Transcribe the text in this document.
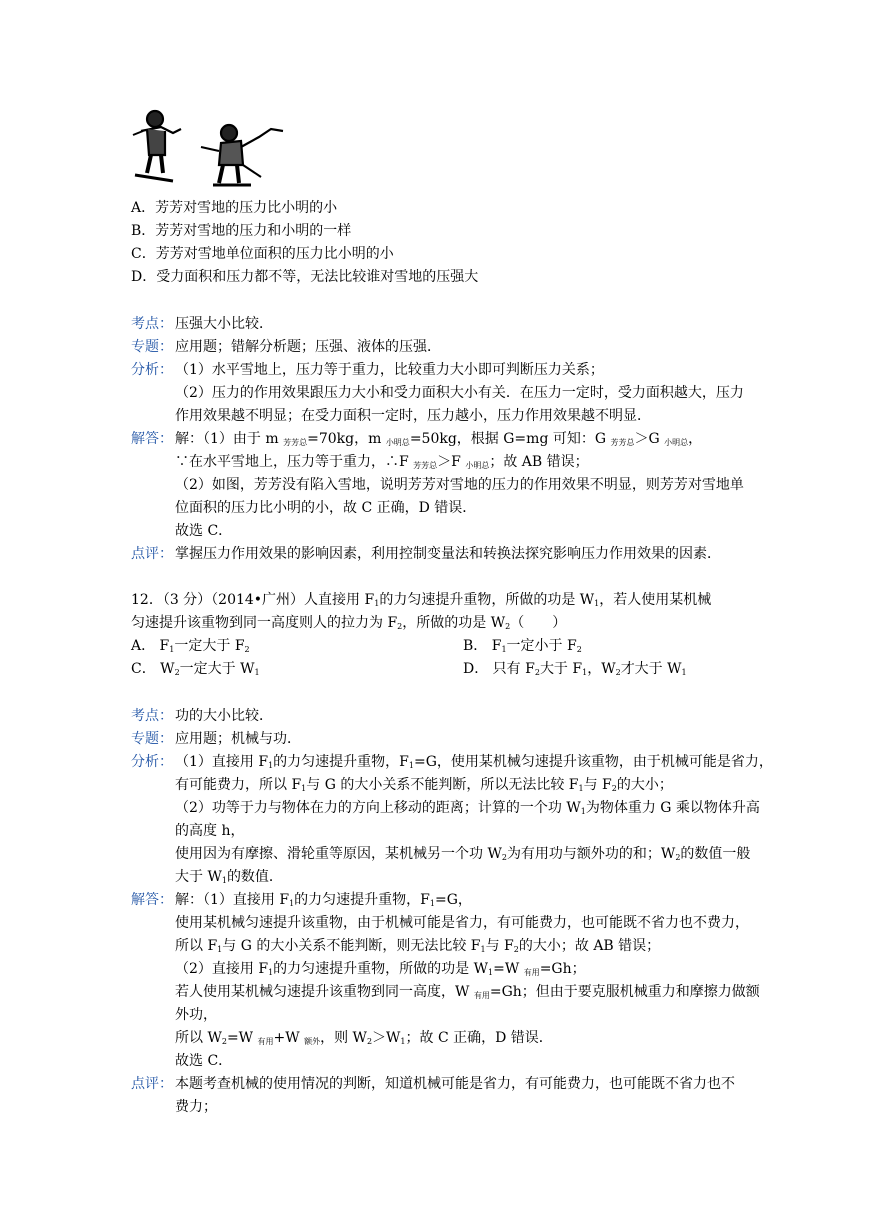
A．芳芳对雪地的压力比小明的小
B．芳芳对雪地的压力和小明的一样
C．芳芳对雪地单位面积的压力比小明的小
D．受力面积和压力都不等，无法比较谁对雪地的压强大
考点： 压强大小比较．
专题： 应用题；错解分析题；压强、液体的压强．
分析： （1）水平雪地上，压力等于重力，比较重力大小即可判断压力关系；
（2）压力的作用效果跟压力大小和受力面积大小有关．在压力一定时，受力面积越大，压力
作用效果越不明显；在受力面积一定时，压力越小，压力作用效果越不明显．
解答： 解：（1）由于 m $_{芳芳总}$=70kg，m $_{小明总}$=50kg，根据 G=mg 可知：G $_{芳芳总}$＞G $_{小明总}$，
∵在水平雪地上，压力等于重力，∴F $_{芳芳总}$＞F $_{小明总}$；故 AB 错误；
（2）如图，芳芳没有陷入雪地，说明芳芳对雪地的压力的作用效果不明显，则芳芳对雪地单
位面积的压力比小明的小，故 C 正确，D 错误．
故选 C．
点评： 掌握压力作用效果的影响因素，利用控制变量法和转换法探究影响压力作用效果的因素．
12．（3 分）（2014•广州）人直接用 $F_1$的力匀速提升重物，所做的功是 $W_1$，若人使用某机械
匀速提升该重物到同一高度则人的拉力为 $F_2$，所做的功是 $W_2$（　　）
A． $F_1$一定大于 $F_2$	B． $F_1$一定小于 $F_2$
C． $W_2$一定大于 $W_1$	D． 只有 $F_2$大于 $F_1$，$W_2$才大于 $W_1$
考点： 功的大小比较．
专题： 应用题；机械与功．
分析： （1）直接用 $F_1$的力匀速提升重物，$F_1=G$，使用某机械匀速提升该重物，由于机械可能是省力，
有可能费力，所以 $F_1$与 G 的大小关系不能判断，所以无法比较 $F_1$与 $F_2$的大小；
（2）功等于力与物体在力的方向上移动的距离；计算的一个功 $W_1$为物体重力 G 乘以物体升高
的高度 h，
使用因为有摩擦、滑轮重等原因，某机械另一个功 $W_2$为有用功与额外功的和；$W_2$的数值一般
大于 $W_1$的数值．
解答： 解：（1）直接用 $F_1$的力匀速提升重物，$F_1=G$，
使用某机械匀速提升该重物，由于机械可能是省力，有可能费力，也可能既不省力也不费力，
所以 $F_1$与 G 的大小关系不能判断，则无法比较 $F_1$与 $F_2$的大小；故 AB 错误；
（2）直接用 $F_1$的力匀速提升重物，所做的功是 $W_1=W$ $_{有用}$=Gh；
若人使用某机械匀速提升该重物到同一高度，W $_{有用}$=Gh；但由于要克服机械重力和摩擦力做额
外功，
所以 $W_2=W$ $_{有用}$+W $_{额外}$，则 $W_2>W_1$；故 C 正确，D 错误．
故选 C．
点评： 本题考查机械的使用情况的判断，知道机械可能是省力，有可能费力，也可能既不省力也不
费力；
